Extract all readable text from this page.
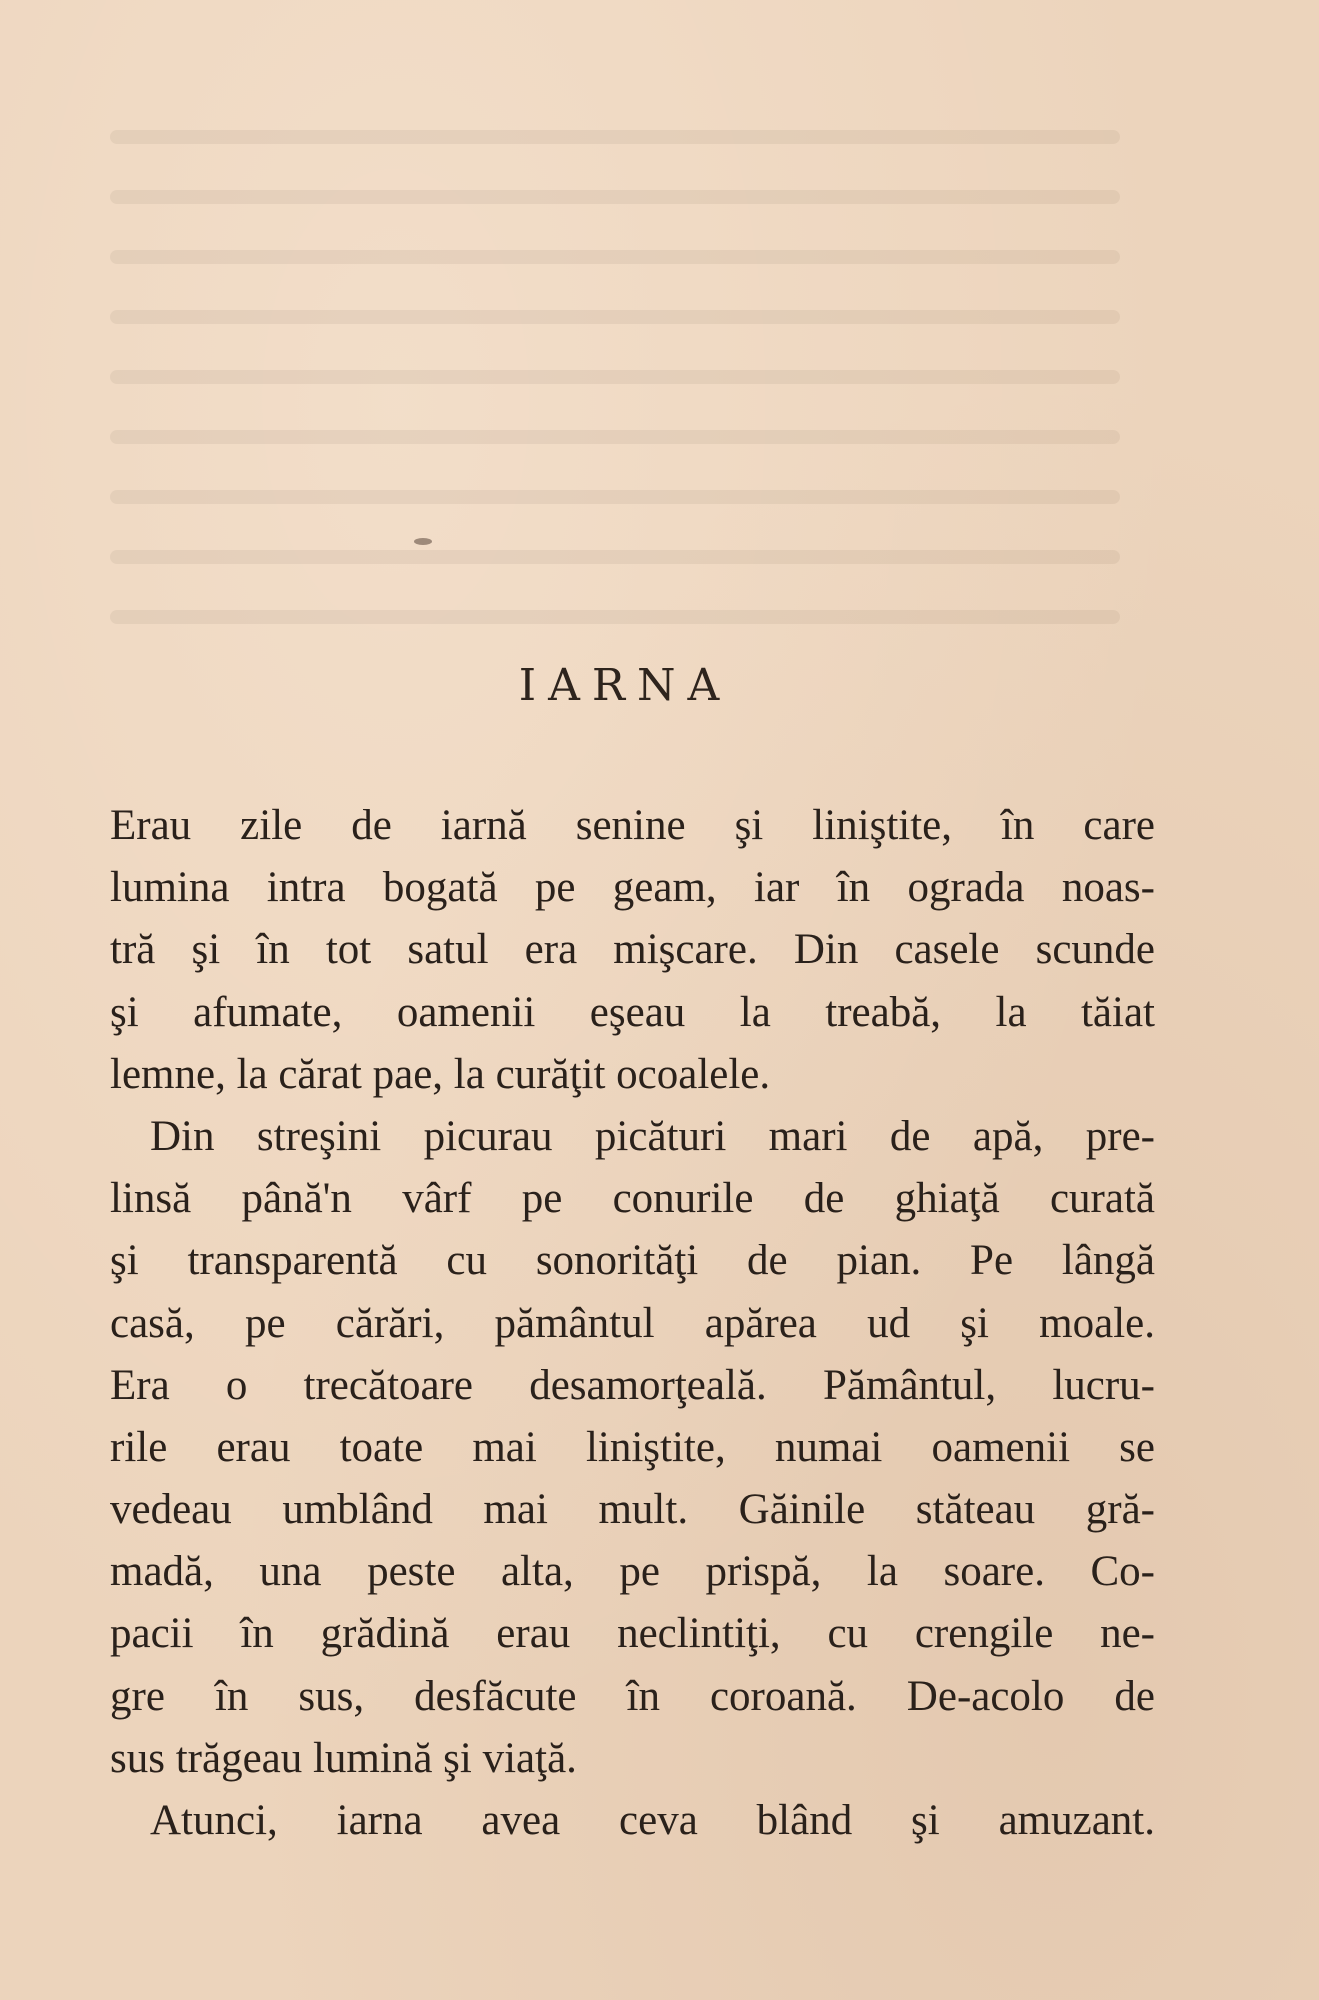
IARNA
Erau zile de iarnă senine şi liniştite, în care
lumina intra bogată pe geam, iar în ograda noas-
tră şi în tot satul era mişcare. Din casele scunde
şi afumate, oamenii eşeau la treabă, la tăiat
lemne, la cărat pae, la curăţit ocoalele.
Din streşini picurau picături mari de apă, pre-
linsă până'n vârf pe conurile de ghiaţă curată
şi transparentă cu sonorităţi de pian. Pe lângă
casă, pe cărări, pământul apărea ud şi moale.
Era o trecătoare desamorţeală. Pământul, lucru-
rile erau toate mai liniştite, numai oamenii se
vedeau umblând mai mult. Găinile stăteau gră-
madă, una peste alta, pe prispă, la soare. Co-
pacii în grădină erau neclintiţi, cu crengile ne-
gre în sus, desfăcute în coroană. De-acolo de
sus trăgeau lumină şi viaţă.
Atunci, iarna avea ceva blând şi amuzant.
